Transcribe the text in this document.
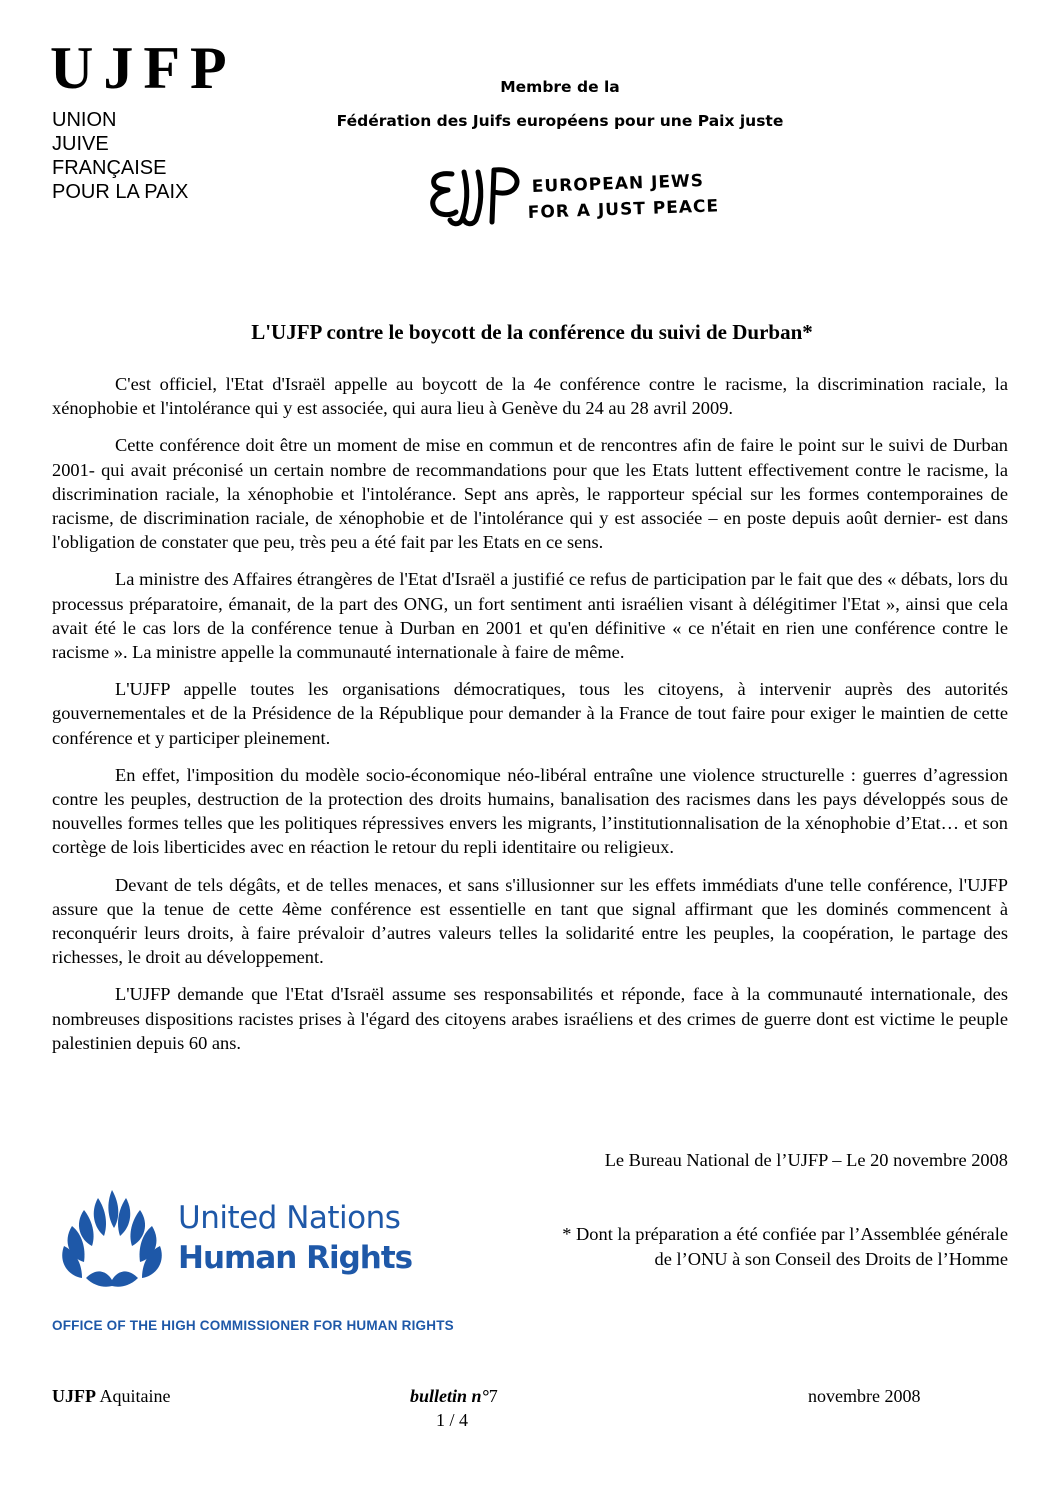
UJFP
UNION
JUIVE
FRANÇAISE
POUR LA PAIX
Membre de la
Fédération des Juifs européens pour une Paix juste
EUROPEAN JEWS
FOR A JUST PEACE
L'UJFP contre le boycott de la conférence du suivi de Durban*

C'est officiel, l'Etat d'Israël appelle au boycott de la 4e conférence contre le racisme, la discrimination raciale, la xénophobie et l'intolérance qui y est associée, qui aura lieu à Genève du 24 au 28 avril 2009.

Cette conférence doit être un moment de mise en commun et de rencontres afin de faire le point sur le suivi de Durban 2001- qui avait préconisé un certain nombre de recommandations pour que les Etats luttent effectivement contre le racisme, la discrimination raciale, la xénophobie et l'intolérance. Sept ans après, le rapporteur spécial sur les formes contemporaines de racisme, de discrimination raciale, de xénophobie et de l'intolérance qui y est associée – en poste depuis août dernier- est dans l'obligation de constater que peu, très peu a été fait par les Etats en ce sens.

La ministre des Affaires étrangères de l'Etat d'Israël a justifié ce refus de participation par le fait que des « débats, lors du processus préparatoire, émanait, de la part des ONG, un fort sentiment anti israélien visant à délégitimer l'Etat », ainsi que cela avait été le cas lors de la conférence tenue à Durban en 2001 et qu'en définitive « ce n'était en rien une conférence contre le racisme ». La ministre appelle la communauté internationale à faire de même.

L'UJFP appelle toutes les organisations démocratiques, tous les citoyens, à intervenir auprès des autorités gouvernementales et de la Présidence de la République pour demander à la France de tout faire pour exiger le maintien de cette conférence et y participer pleinement.

En effet, l'imposition du modèle socio-économique néo-libéral entraîne une violence structurelle : guerres d’agression contre les peuples, destruction de la protection des droits humains, banalisation des racismes dans les pays développés sous de nouvelles formes telles que les politiques répressives envers les migrants, l’institutionnalisation de la xénophobie d’Etat… et son cortège de lois liberticides avec en réaction le retour du repli identitaire ou religieux.

Devant de tels dégâts, et de telles menaces, et sans s'illusionner sur les effets immédiats d'une telle conférence, l'UJFP assure que la tenue de cette 4ème conférence est essentielle en tant que signal affirmant que les dominés commencent à reconquérir leurs droits, à faire prévaloir d’autres valeurs telles la solidarité entre les peuples, la coopération, le partage des richesses, le droit au développement.

L'UJFP demande que l'Etat d'Israël assume ses responsabilités et réponde, face à la communauté internationale, des nombreuses dispositions racistes prises à l'égard des citoyens arabes israéliens et des crimes de guerre dont est victime le peuple palestinien depuis 60 ans.

Le Bureau National de l’UJFP – Le 20 novembre 2008
United Nations
Human Rights
OFFICE OF THE HIGH COMMISSIONER FOR HUMAN RIGHTS
* Dont la préparation a été confiée par l’Assemblée générale
de l’ONU à son Conseil des Droits de l’Homme
UJFP Aquitaine	bulletin n°7	novembre 2008
1 / 4
